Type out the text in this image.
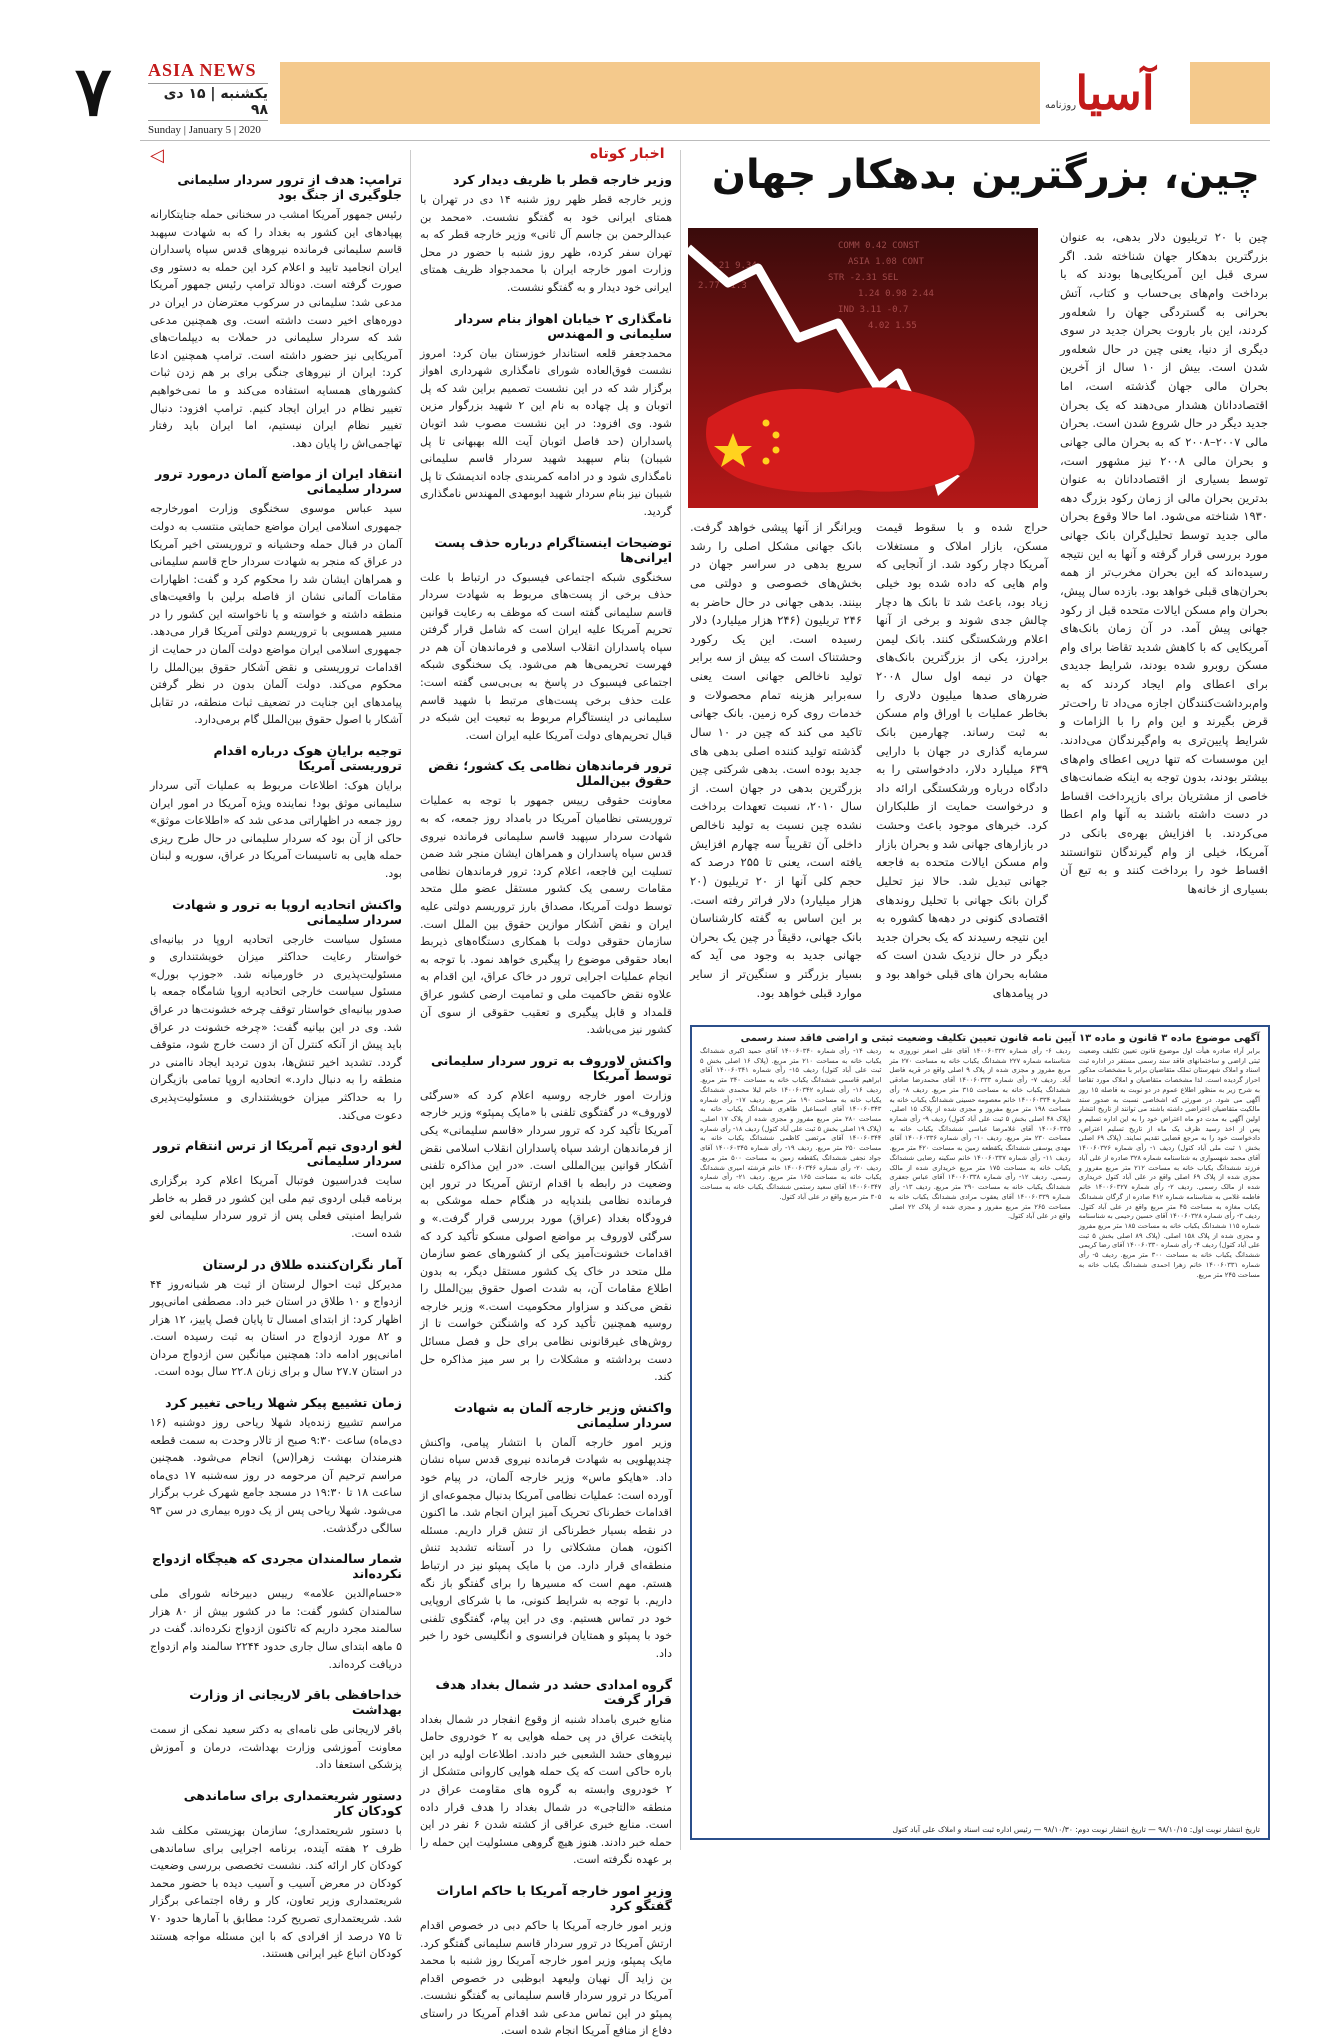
آسیا
روزنامه
۷ ASIA NEWS
یکشنبه | ۱۵ دی ۹۸
Sunday | January 5 | 2020
اخبار کوتاه
◁	چین، بزرگترین بدهکار جهان
COMM 0.42 CONST
ASIA 1.08 CONT
STR -2.31 SEL
1.24 0.98 2.44
IND 3.11 -0.7
4.02 1.55
8.21 9.34
2.77 -1.3

چین با ۲۰ تریلیون دلار بدهی، به عنوان بزرگترین بدهکار جهان شناخته شد. اگر سری قبل این آمریکایی‌ها بودند که با برداخت وام‌های بی‌حساب و کتاب، آتش بحرانی به گستردگی جهان را شعله‌ور کردند، این بار باروت بحران جدید در سوی دیگری از دنیا، یعنی چین در حال شعله‌ور شدن است. بیش از ۱۰ سال از آخرین بحران مالی جهان گذشته است، اما اقتصاددانان هشدار می‌دهند که یک بحران جدید دیگر در حال شروع شدن است. بحران مالی ۲۰۰۷–۲۰۰۸ که به بحران مالی جهانی و بحران مالی ۲۰۰۸ نیز مشهور است، توسط بسیاری از اقتصاددانان به عنوان بدترین بحران مالی از زمان رکود بزرگ دهه ۱۹۳۰ شناخته می‌شود. اما حالا وقوع بحران مالی جدید توسط تحلیل‌گران بانک جهانی مورد بررسی قرار گرفته و آنها به این نتیجه رسیده‌اند که این بحران مخرب‌تر از همه بحران‌های قبلی خواهد بود. بازده سال پیش، بحران وام مسکن ایالات متحده قبل از رکود جهانی پیش آمد. در آن زمان بانک‌های آمریکایی که با کاهش شدید تقاضا برای وام مسکن روبرو شده بودند، شرایط جدیدی برای اعطای وام ایجاد کردند که به وام‌برداشت‌کنندگان اجازه می‌داد تا راحت‌تر قرض بگیرند و این وام را با الزامات و شرایط پایین‌تری به وام‌گیرندگان می‌دادند. این موسسات که تنها درپی اعطای وام‌های بیشتر بودند، بدون توجه به اینکه ضمانت‌های خاصی از مشتریان برای بازپرداخت اقساط در دست داشته باشند به آنها وام اعطا می‌کردند. با افزایش بهره‌ی بانکی در آمریکا، خیلی از وام گیرندگان نتوانستند اقساط خود را برداخت کنند و به تبع آن بسیاری از خانه‌ها

حراج شده و با سقوط قیمت مسکن، بازار املاک و مستغلات آمریکا دچار رکود شد. از آنجایی که وام هایی که داده شده بود خیلی زیاد بود، باعث شد تا بانک ها دچار چالش جدی شوند و برخی از آنها اعلام ورشکستگی کنند. بانک لیمن برادرز، یکی از بزرگترین بانک‌های جهان در نیمه اول سال ۲۰۰۸ ضررهای صدها میلیون دلاری را بخاطر عملیات با اوراق وام مسکن به ثبت رساند. چهارمین بانک سرمایه گذاری در جهان با دارایی ۶۳۹ میلیارد دلار، دادخواستی را به دادگاه درباره ورشکستگی ارائه داد و درخواست حمایت از طلبکاران کرد. خبرهای موجود باعث وحشت در بازارهای جهانی شد و بحران بازار وام مسکن ایالات متحده به فاجعه جهانی تبدیل شد. حالا نیز تحلیل گران بانک جهانی با تحلیل روندهای اقتصادی کنونی در دهه‌ها کشوره به این نتیجه رسیدند که یک بحران جدید دیگر در حال نزدیک شدن است که مشابه بحران های قبلی خواهد بود و در پیامدهای

ویرانگر از آنها پیشی خواهد گرفت. بانک جهانی مشکل اصلی را رشد سریع بدهی در سراسر جهان در بخش‌های خصوصی و دولتی می بینند. بدهی جهانی در حال حاضر به ۲۴۶ تریلیون (۲۴۶ هزار میلیارد) دلار رسیده است. این یک رکورد وحشتناک است که بیش از سه برابر تولید ناخالص جهانی است یعنی سه‌برابر هزینه تمام محصولات و خدمات روی کره زمین. بانک جهانی تاکید می کند که چین در ۱۰ سال گذشته تولید کننده اصلی بدهی های جدید بوده است. بدهی شرکتی چین بزرگترین بدهی در جهان است. از سال ۲۰۱۰، نسبت تعهدات برداخت نشده چین نسبت به تولید ناخالص داخلی آن تقریباً سه چهارم افزایش یافته است، یعنی تا ۲۵۵ درصد که حجم کلی آنها از ۲۰ تریلیون (۲۰ هزار میلیارد) دلار فراتر رفته است. بر این اساس به گفته کارشناسان بانک جهانی، دقیقاً در چین یک بحران جهانی جدید به وجود می آید که بسیار بزرگتر و سنگین‌تر از سایر موارد قبلی خواهد بود.

آگهی موضوع ماده ۳ قانون و ماده ۱۳ آیین نامه قانون تعیین تکلیف وضعیت ثبتی و اراضی فاقد سند رسمی
برابر آراء صادره هیأت اول موضوع قانون تعیین تکلیف وضعیت ثبتی اراضی و ساختمانهای فاقد سند رسمی مستقر در اداره ثبت اسناد و املاک شهرستان تملک متقاضیان برابر با مشخصات مذکور احراز گردیده است. لذا مشخصات متقاضیان و املاک مورد تقاضا به شرح زیر به منظور اطلاع عموم در دو نوبت به فاصله ۱۵ روز آگهی می شود. در صورتی که اشخاصی نسبت به صدور سند مالکیت متقاضیان اعتراضی داشته باشند می توانند از تاریخ انتشار اولین آگهی به مدت دو ماه اعتراض خود را به این اداره تسلیم و پس از اخذ رسید ظرف یک ماه از تاریخ تسلیم اعتراض، دادخواست خود را به مرجع قضایی تقدیم نمایند. (پلاک ۶۹ اصلی بخش ۱ ثبت ملی آباد کتول) ردیف ۱- رأی شماره ۱۴۰۰۶۰۳۲۶ آقای محمد شهسواری به شناسنامه شماره ۳۲۸ صادره از علی آباد فرزند ششدانگ یکباب خانه به مساحت ۲۱۲ متر مربع مفروز و مجزی شده از پلاک ۶۹ اصلی واقع در علی آباد کتول خریداری شده از مالک رسمی. ردیف ۲- رأی شماره ۱۴۰۰۶۰۳۲۷ خانم فاطمه غلامی به شناسنامه شماره ۴۱۲ صادره از گرگان ششدانگ یکباب مغازه به مساحت ۴۵ متر مربع واقع در علی آباد کتول. ردیف ۳- رأی شماره ۱۴۰۰۶۰۳۲۸ آقای حسین رحیمی به شناسنامه شماره ۱۱۵ ششدانگ یکباب خانه به مساحت ۱۸۵ متر مربع مفروز و مجزی شده از پلاک ۱۵۸ اصلی. (پلاک ۸۹ اصلی بخش ۵ ثبت علی آباد کتول) ردیف ۴- رأی شماره ۱۴۰۰۶۰۳۳۰ آقای رضا کریمی ششدانگ یکباب خانه به مساحت ۳۰۰ متر مربع. ردیف ۵- رأی شماره ۱۴۰۰۶۰۳۳۱ خانم زهرا احمدی ششدانگ یکباب خانه به مساحت ۲۴۵ متر مربع.
ردیف ۶- رأی شماره ۱۴۰۰۶۰۳۳۲ آقای علی اصغر نوروزی به شناسنامه شماره ۲۲۷ ششدانگ یکباب خانه به مساحت ۲۷۰ متر مربع مفروز و مجزی شده از پلاک ۹ اصلی واقع در قریه فاضل آباد. ردیف ۷- رأی شماره ۱۴۰۰۶۰۳۳۳ آقای محمدرضا صادقی ششدانگ یکباب خانه به مساحت ۳۱۵ متر مربع. ردیف ۸- رأی شماره ۱۴۰۰۶۰۳۳۴ خانم معصومه حسینی ششدانگ یکباب خانه به مساحت ۱۹۸ متر مربع مفروز و مجزی شده از پلاک ۱۵ اصلی. (پلاک ۴۸ اصلی بخش ۵ ثبت علی آباد کتول) ردیف ۹- رأی شماره ۱۴۰۰۶۰۳۳۵ آقای غلامرضا عباسی ششدانگ یکباب خانه به مساحت ۲۳۰ متر مربع. ردیف ۱۰- رأی شماره ۱۴۰۰۶۰۳۳۶ آقای مهدی یوسفی ششدانگ یکقطعه زمین به مساحت ۴۲۰ متر مربع. ردیف ۱۱- رأی شماره ۱۴۰۰۶۰۳۳۷ خانم سکینه رضایی ششدانگ یکباب خانه به مساحت ۱۷۵ متر مربع خریداری شده از مالک رسمی. ردیف ۱۲- رأی شماره ۱۴۰۰۶۰۳۳۸ آقای عباس جعفری ششدانگ یکباب خانه به مساحت ۲۹۰ متر مربع. ردیف ۱۳- رأی شماره ۱۴۰۰۶۰۳۳۹ آقای یعقوب مرادی ششدانگ یکباب خانه به مساحت ۲۶۵ متر مربع مفروز و مجزی شده از پلاک ۲۲ اصلی واقع در علی آباد کتول.
ردیف ۱۴- رأی شماره ۱۴۰۰۶۰۳۴۰ آقای حمید اکبری ششدانگ یکباب خانه به مساحت ۲۱۰ متر مربع. (پلاک ۱۶ اصلی بخش ۵ ثبت علی آباد کتول) ردیف ۱۵- رأی شماره ۱۴۰۰۶۰۳۴۱ آقای ابراهیم قاسمی ششدانگ یکباب خانه به مساحت ۳۴۰ متر مربع. ردیف ۱۶- رأی شماره ۱۴۰۰۶۰۳۴۲ خانم لیلا محمدی ششدانگ یکباب خانه به مساحت ۱۹۰ متر مربع. ردیف ۱۷- رأی شماره ۱۴۰۰۶۰۳۴۳ آقای اسماعیل طاهری ششدانگ یکباب خانه به مساحت ۲۸۰ متر مربع مفروز و مجزی شده از پلاک ۱۷ اصلی. (پلاک ۱۹ اصلی بخش ۵ ثبت علی آباد کتول) ردیف ۱۸- رأی شماره ۱۴۰۰۶۰۳۴۴ آقای مرتضی کاظمی ششدانگ یکباب خانه به مساحت ۲۵۰ متر مربع. ردیف ۱۹- رأی شماره ۱۴۰۰۶۰۳۴۵ آقای جواد نجفی ششدانگ یکقطعه زمین به مساحت ۵۰۰ متر مربع. ردیف ۲۰- رأی شماره ۱۴۰۰۶۰۳۴۶ خانم فرشته امیری ششدانگ یکباب خانه به مساحت ۱۶۵ متر مربع. ردیف ۲۱- رأی شماره ۱۴۰۰۶۰۳۴۷ آقای سعید رستمی ششدانگ یکباب خانه به مساحت ۳۰۵ متر مربع واقع در علی آباد کتول.
تاریخ انتشار نوبت اول: ۹۸/۱۰/۱۵ — تاریخ انتشار نوبت دوم: ۹۸/۱۰/۳۰ — رئیس اداره ثبت اسناد و املاک علی آباد کتول
وزیر خارجه قطر با ظریف دیدار کرد

وزیر خارجه قطر ظهر روز شنبه ۱۴ دی در تهران با همتای ایرانی خود به گفتگو نشست. «محمد بن عبدالرحمن بن جاسم آل ثانی» وزیر خارجه قطر که به تهران سفر کرده، ظهر روز شنبه با حضور در محل وزارت امور خارجه ایران با محمدجواد ظریف همتای ایرانی خود دیدار و به گفتگو نشست.

نامگذاری ۲ خیابان اهواز بنام سردار سلیمانی و المهندس

محمدجعفر قلعه استاندار خوزستان بیان کرد: امروز نشست فوق‌العاده شورای نامگذاری شهرداری اهواز برگزار شد که در این نشست تصمیم براین شد که پل اتوبان و پل چهاده به نام این ۲ شهید بزرگوار مزین شود. وی افزود: در این نشست مصوب شد اتوبان پاسداران (حد فاصل اتوبان آیت الله بهبهانی تا پل شیبان) بنام سپهبد شهید سردار قاسم سلیمانی نامگذاری شود و در ادامه کمربندی جاده اندیمشک تا پل شیبان نیز بنام سردار شهید ابومهدی المهندس نامگذاری گردید.

توضیحات اینستاگرام درباره حذف پست ایرانی‌ها

سخنگوی شبکه اجتماعی فیسبوک در ارتباط با علت حذف برخی از پست‌های مربوط به شهادت سردار قاسم سلیمانی گفته است که موظف به رعایت قوانین تحریم آمریکا علیه ایران است که شامل قرار گرفتن سپاه پاسداران انقلاب اسلامی و فرماندهان آن هم در فهرست تحریمی‌ها هم می‌شود. یک سخنگوی شبکه اجتماعی فیسبوک در پاسخ به بی‌بی‌سی گفته است: علت حذف برخی پست‌های مرتبط با شهید قاسم سلیمانی در اینستاگرام مربوط به تبعیت این شبکه در قبال تحریم‌های دولت آمریکا علیه ایران است.

ترور فرماندهان نظامی یک کشور؛ نقض حقوق بین‌الملل

معاونت حقوقی رییس جمهور با توجه به عملیات تروریستی نظامیان آمریکا در بامداد روز جمعه، که به شهادت سردار سپهبد قاسم سلیمانی فرمانده نیروی قدس سپاه پاسداران و همراهان ایشان منجر شد ضمن تسلیت این فاجعه، اعلام کرد: ترور فرماندهان نظامی مقامات رسمی یک کشور مستقل عضو ملل متحد توسط دولت آمریکا، مصداق بارز تروریسم دولتی علیه ایران و نقض آشکار موازین حقوق بین الملل است. سازمان حقوقی دولت با همکاری دستگاه‌های ذیربط ابعاد حقوقی موضوع را پیگیری خواهد نمود. با توجه به انجام عملیات اجرایی ترور در خاک عراق، این اقدام به علاوه نقض حاکمیت ملی و تمامیت ارضی کشور عراق قلمداد و قابل پیگیری و تعقیب حقوقی از سوی آن کشور نیز می‌باشد.

واکنش لاوروف به ترور سردار سلیمانی توسط آمریکا

وزارت امور خارجه روسیه اعلام کرد که «سرگئی لاوروف» در گفتگوی تلفنی با «مایک پمپئو» وزیر خارجه آمریکا تأکید کرد که ترور سردار «قاسم سلیمانی» یکی از فرماندهان ارشد سپاه پاسداران انقلاب اسلامی نقض آشکار قوانین بین‌المللی است. «در این مذاکره تلفنی وضعیت در رابطه با اقدام ارتش آمریکا در ترور این فرمانده نظامی بلندپایه در هنگام حمله موشکی به فرودگاه بغداد (عراق) مورد بررسی قرار گرفت.» و سرگئی لاوروف بر مواضع اصولی مسکو تأکید کرد که اقدامات خشونت‌آمیز یکی از کشورهای عضو سازمان ملل متحد در خاک یک کشور مستقل دیگر، به بدون اطلاع مقامات آن، به شدت اصول حقوق بین‌الملل را نقض می‌کند و سزاوار محکومیت است.» وزیر خارجه روسیه همچنین تأکید کرد که واشنگتن خواست تا از روش‌های غیرقانونی نظامی برای حل و فصل مسائل دست برداشته و مشکلات را بر سر میز مذاکره حل کند.

واکنش وزیر خارجه آلمان به شهادت سردار سلیمانی

وزیر امور خارجه آلمان با انتشار پیامی، واکنش چندپهلویی به شهادت فرمانده نیروی قدس سپاه نشان داد. «هایکو ماس» وزیر خارجه آلمان، در پیام خود آورده است: عملیات نظامی آمریکا بدنبال مجموعه‌ای از اقدامات خطرناک تحریک آمیز ایران انجام شد. ما اکنون در نقطه بسیار خطرناکی از تنش قرار داریم. مسئله اکنون، همان مشکلاتی را در آستانه تشدید تنش منطقه‌ای قرار دارد. من با مایک پمپئو نیز در ارتباط هستم. مهم است که مسیرها را برای گفتگو باز نگه داریم. با توجه به شرایط کنونی، ما با شرکای اروپایی خود در تماس هستیم. وی در این پیام، گفتگوی تلفنی خود با پمپئو و همتایان فرانسوی و انگلیسی خود را خبر داد.

گروه امدادی حشد در شمال بغداد هدف قرار گرفت

منابع خبری بامداد شنبه از وقوع انفجار در شمال بغداد پایتخت عراق در پی حمله هوایی به ۲ خودروی حامل نیروهای حشد الشعبی خبر دادند. اطلاعات اولیه در این باره حاکی است که یک حمله هوایی کاروانی متشکل از ۲ خودروی وابسته به گروه های مقاومت عراق در منطقه «التاجی» در شمال بغداد را هدف قرار داده است. منابع خبری عراقی از کشته شدن ۶ نفر در این حمله خبر دادند. هنوز هیچ گروهی مسئولیت این حمله را بر عهده نگرفته است.

وزیر امور خارجه آمریکا با حاکم امارات گفتگو کرد

وزیر امور خارجه آمریکا با حاکم دبی در خصوص اقدام ارتش آمریکا در ترور سردار قاسم سلیمانی گفتگو کرد. مایک پمپئو، وزیر امور خارجه آمریکا روز شنبه با محمد بن زاید آل نهیان ولیعهد ابوظبی در خصوص اقدام آمریکا در ترور سردار قاسم سلیمانی به گفتگو نشست. پمپئو در این تماس مدعی شد اقدام آمریکا در راستای دفاع از منافع آمریکا انجام شده است.

ترامپ: هدف از ترور سردار سلیمانی جلوگیری از جنگ بود

رئیس جمهور آمریکا امشب در سخنانی حمله جنایتکارانه پهپادهای این کشور به بغداد را که به شهادت سپهبد قاسم سلیمانی فرمانده نیروهای قدس سپاه پاسداران ایران انجامید تایید و اعلام کرد این حمله به دستور وی صورت گرفته است. دونالد ترامپ رئیس جمهور آمریکا مدعی شد: سلیمانی در سرکوب معترضان در ایران در دوره‌های اخیر دست داشته است. وی همچنین مدعی شد که سردار سلیمانی در حملات به دیپلمات‌های آمریکایی نیز حضور داشته است. ترامپ همچنین ادعا کرد: ایران از نیروهای جنگی برای بر هم زدن ثبات کشورهای همسایه استفاده می‌کند و ما نمی‌خواهیم تغییر نظام در ایران ایجاد کنیم. ترامپ افزود: دنبال تغییر نظام ایران نیستیم، اما ایران باید رفتار تهاجمی‌اش را پایان دهد.

انتقاد ایران از مواضع آلمان درمورد ترور سردار سلیمانی

سید عباس موسوی سخنگوی وزارت امورخارجه جمهوری اسلامی ایران مواضع حمایتی منتسب به دولت آلمان در قبال حمله وحشیانه و تروریستی اخیر آمریکا در عراق که منجر به شهادت سردار حاج قاسم سلیمانی و همراهان ایشان شد را محکوم کرد و گفت: اظهارات مقامات آلمانی نشان از فاصله برلین با واقعیت‌های منطقه داشته و خواسته و یا ناخواسته این کشور را در مسیر همسویی با تروریسم دولتی آمریکا قرار می‌دهد. جمهوری اسلامی ایران مواضع دولت آلمان در حمایت از اقدامات تروریستی و نقض آشکار حقوق بین‌الملل را محکوم می‌کند. دولت آلمان بدون در نظر گرفتن پیامدهای این جنایت در تضعیف ثبات منطقه، در تقابل آشکار با اصول حقوق بین‌الملل گام برمی‌دارد.

توجیه برایان هوک درباره اقدام تروریستی آمریکا

برایان هوک: اطلاعات مربوط به عملیات آتی سردار سلیمانی موثق بود! نماینده ویژه آمریکا در امور ایران روز جمعه در اظهاراتی مدعی شد که «اطلاعات موثق» حاکی از آن بود که سردار سلیمانی در حال طرح ریزی حمله هایی به تاسیسات آمریکا در عراق، سوریه و لبنان بود.

واکنش اتحادیه اروپا به ترور و شهادت سردار سلیمانی

مسئول سیاست خارجی اتحادیه اروپا در بیانیه‌ای خواستار رعایت حداکثر میزان خویشتنداری و مسئولیت‌پذیری در خاورمیانه شد. «جوزپ بورل» مسئول سیاست خارجی اتحادیه اروپا شامگاه جمعه با صدور بیانیه‌ای خواستار توقف چرخه خشونت‌ها در عراق شد. وی در این بیانیه گفت: «چرخه خشونت در عراق باید پیش از آنکه کنترل آن از دست خارج شود، متوقف گردد. تشدید اخیر تنش‌ها، بدون تردید ایجاد ناامنی در منطقه را به دنبال دارد.» اتحادیه اروپا تمامی بازیگران را به حداکثر میزان خویشتنداری و مسئولیت‌پذیری دعوت می‌کند.

لغو اردوی تیم آمریکا از ترس انتقام ترور سردار سلیمانی

سایت فدراسیون فوتبال آمریکا اعلام کرد برگزاری برنامه قبلی اردوی تیم ملی این کشور در قطر به خاطر شرایط امنیتی فعلی پس از ترور سردار سلیمانی لغو شده است.

آمار نگران‌کننده طلاق در لرستان

مدیرکل ثبت احوال لرستان از ثبت هر شبانه‌روز ۴۴ ازدواج و ۱۰ طلاق در استان خبر داد. مصطفی امانی‌پور اظهار کرد: از ابتدای امسال تا پایان فصل پاییز، ۱۲ هزار و ۸۲ مورد ازدواج در استان به ثبت رسیده است. امانی‌پور ادامه داد: همچنین میانگین سن ازدواج مردان در استان ۲۷.۷ سال و برای زنان ۲۲.۸ سال بوده است.

زمان تشییع پیکر شهلا ریاحی تغییر کرد

مراسم تشییع زنده‌یاد شهلا ریاحی روز دوشنبه (۱۶ دی‌ماه) ساعت ۹:۳۰ صبح از تالار وحدت به سمت قطعه هنرمندان بهشت زهرا(س) انجام می‌شود. همچنین مراسم ترحیم آن مرحومه در روز سه‌شنبه ۱۷ دی‌ماه ساعت ۱۸ تا ۱۹:۳۰ در مسجد جامع شهرک غرب برگزار می‌شود. شهلا ریاحی پس از یک دوره بیماری در سن ۹۳ سالگی درگذشت.

شمار سالمندان مجردی که هیچگاه ازدواج نکرده‌اند

«حسام‌الدین علامه» رییس دبیرخانه شورای ملی سالمندان کشور گفت: ما در کشور بیش از ۸۰ هزار سالمند مجرد داریم که تاکنون ازدواج نکرده‌اند. گفت در ۵ ماهه ابتدای سال جاری حدود ۲۲۴۴ سالمند وام ازدواج دریافت کرده‌اند.

خداحافظی باقر لاریجانی از وزارت بهداشت

باقر لاریجانی طی نامه‌ای به دکتر سعید نمکی از سمت معاونت آموزشی وزارت بهداشت، درمان و آموزش پزشکی استعفا داد.

دستور شریعتمداری برای ساماندهی کودکان کار

با دستور شریعتمداری؛ سازمان بهزیستی مکلف شد ظرف ۲ هفته آینده، برنامه اجرایی برای ساماندهی کودکان کار ارائه کند. نشست تخصصی بررسی وضعیت کودکان در معرض آسیب و آسیب دیده با حضور محمد شریعتمداری وزیر تعاون، کار و رفاه اجتماعی برگزار شد. شریعتمداری تصریح کرد: مطابق با آمارها حدود ۷۰ تا ۷۵ درصد از افرادی که با این مسئله مواجه هستند کودکان اتباع غیر ایرانی هستند.
